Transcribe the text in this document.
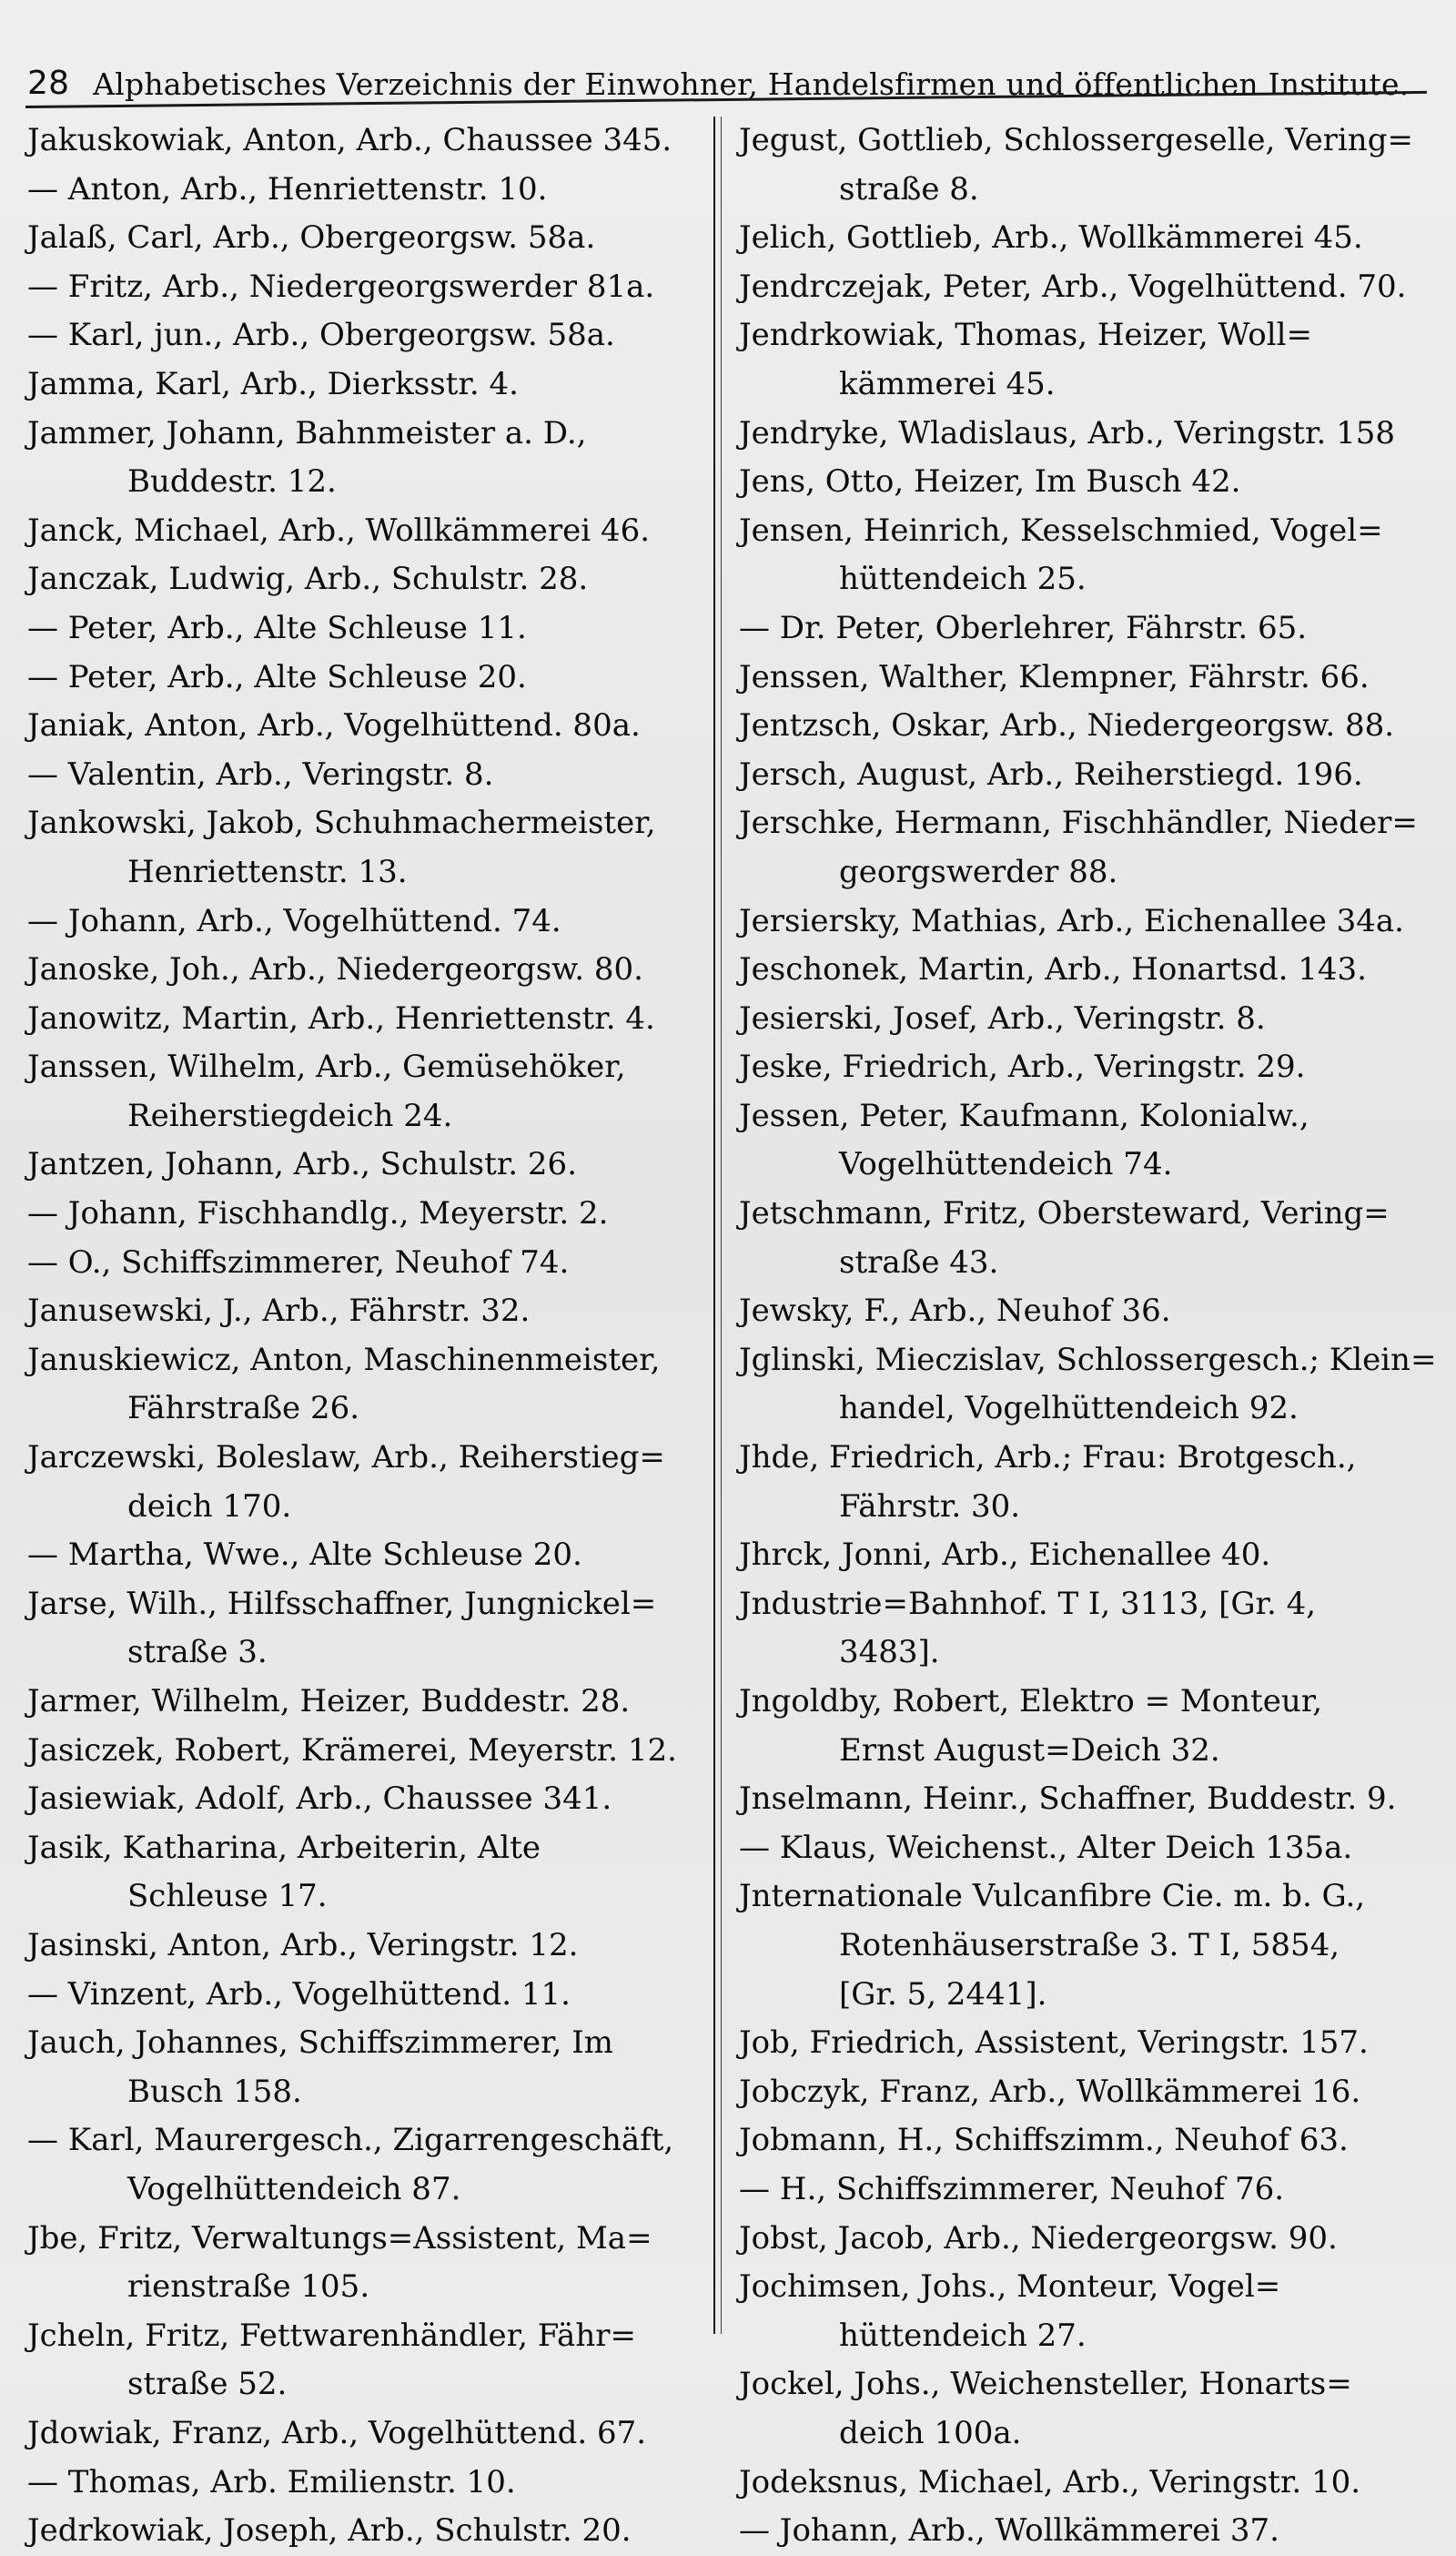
28 Alphabetisches Verzeichnis der Einwohner, Handelsfirmen und öffentlichen Institute.
Jakuskowiak, Anton, Arb., Chaussee 345.
— Anton, Arb., Henriettenstr. 10.
Jalaß, Carl, Arb., Obergeorgsw. 58a.
— Fritz, Arb., Niedergeorgswerder 81a.
— Karl, jun., Arb., Obergeorgsw. 58a.
Jamma, Karl, Arb., Dierksstr. 4.
Jammer, Johann, Bahnmeister a. D.,
Buddestr. 12.
Janck, Michael, Arb., Wollkämmerei 46.
Janczak, Ludwig, Arb., Schulstr. 28.
— Peter, Arb., Alte Schleuse 11.
— Peter, Arb., Alte Schleuse 20.
Janiak, Anton, Arb., Vogelhüttend. 80a.
— Valentin, Arb., Veringstr. 8.
Jankowski, Jakob, Schuhmachermeister,
Henriettenstr. 13.
— Johann, Arb., Vogelhüttend. 74.
Janoske, Joh., Arb., Niedergeorgsw. 80.
Janowitz, Martin, Arb., Henriettenstr. 4.
Janssen, Wilhelm, Arb., Gemüsehöker,
Reiherstiegdeich 24.
Jantzen, Johann, Arb., Schulstr. 26.
— Johann, Fischhandlg., Meyerstr. 2.
— O., Schiffszimmerer, Neuhof 74.
Janusewski, J., Arb., Fährstr. 32.
Januskiewicz, Anton, Maschinenmeister,
Fährstraße 26.
Jarczewski, Boleslaw, Arb., Reiherstieg=
deich 170.
— Martha, Wwe., Alte Schleuse 20.
Jarse, Wilh., Hilfsschaffner, Jungnickel=
straße 3.
Jarmer, Wilhelm, Heizer, Buddestr. 28.
Jasiczek, Robert, Krämerei, Meyerstr. 12.
Jasiewiak, Adolf, Arb., Chaussee 341.
Jasik, Katharina, Arbeiterin, Alte
Schleuse 17.
Jasinski, Anton, Arb., Veringstr. 12.
— Vinzent, Arb., Vogelhüttend. 11.
Jauch, Johannes, Schiffszimmerer, Im
Busch 158.
— Karl, Maurergesch., Zigarrengeschäft,
Vogelhüttendeich 87.
Jbe, Fritz, Verwaltungs=Assistent, Ma=
rienstraße 105.
Jcheln, Fritz, Fettwarenhändler, Fähr=
straße 52.
Jdowiak, Franz, Arb., Vogelhüttend. 67.
— Thomas, Arb. Emilienstr. 10.
Jedrkowiak, Joseph, Arb., Schulstr. 20.
Jegust, Gottlieb, Schlossergeselle, Vering=
straße 8.
Jelich, Gottlieb, Arb., Wollkämmerei 45.
Jendrczejak, Peter, Arb., Vogelhüttend. 70.
Jendrkowiak, Thomas, Heizer, Woll=
kämmerei 45.
Jendryke, Wladislaus, Arb., Veringstr. 158
Jens, Otto, Heizer, Im Busch 42.
Jensen, Heinrich, Kesselschmied, Vogel=
hüttendeich 25.
— Dr. Peter, Oberlehrer, Fährstr. 65.
Jenssen, Walther, Klempner, Fährstr. 66.
Jentzsch, Oskar, Arb., Niedergeorgsw. 88.
Jersch, August, Arb., Reiherstiegd. 196.
Jerschke, Hermann, Fischhändler, Nieder=
georgswerder 88.
Jersiersky, Mathias, Arb., Eichenallee 34a.
Jeschonek, Martin, Arb., Honartsd. 143.
Jesierski, Josef, Arb., Veringstr. 8.
Jeske, Friedrich, Arb., Veringstr. 29.
Jessen, Peter, Kaufmann, Kolonialw.,
Vogelhüttendeich 74.
Jetschmann, Fritz, Obersteward, Vering=
straße 43.
Jewsky, F., Arb., Neuhof 36.
Jglinski, Mieczislav, Schlossergesch.; Klein=
handel, Vogelhüttendeich 92.
Jhde, Friedrich, Arb.; Frau: Brotgesch.,
Fährstr. 30.
Jhrck, Jonni, Arb., Eichenallee 40.
Jndustrie=Bahnhof. T I, 3113, [Gr. 4,
3483].
Jngoldby, Robert, Elektro = Monteur,
Ernst August=Deich 32.
Jnselmann, Heinr., Schaffner, Buddestr. 9.
— Klaus, Weichenst., Alter Deich 135a.
Jnternationale Vulcanfibre Cie. m. b. G.,
Rotenhäuserstraße 3. T I, 5854,
[Gr. 5, 2441].
Job, Friedrich, Assistent, Veringstr. 157.
Jobczyk, Franz, Arb., Wollkämmerei 16.
Jobmann, H., Schiffszimm., Neuhof 63.
— H., Schiffszimmerer, Neuhof 76.
Jobst, Jacob, Arb., Niedergeorgsw. 90.
Jochimsen, Johs., Monteur, Vogel=
hüttendeich 27.
Jockel, Johs., Weichensteller, Honarts=
deich 100a.
Jodeksnus, Michael, Arb., Veringstr. 10.
— Johann, Arb., Wollkämmerei 37.
